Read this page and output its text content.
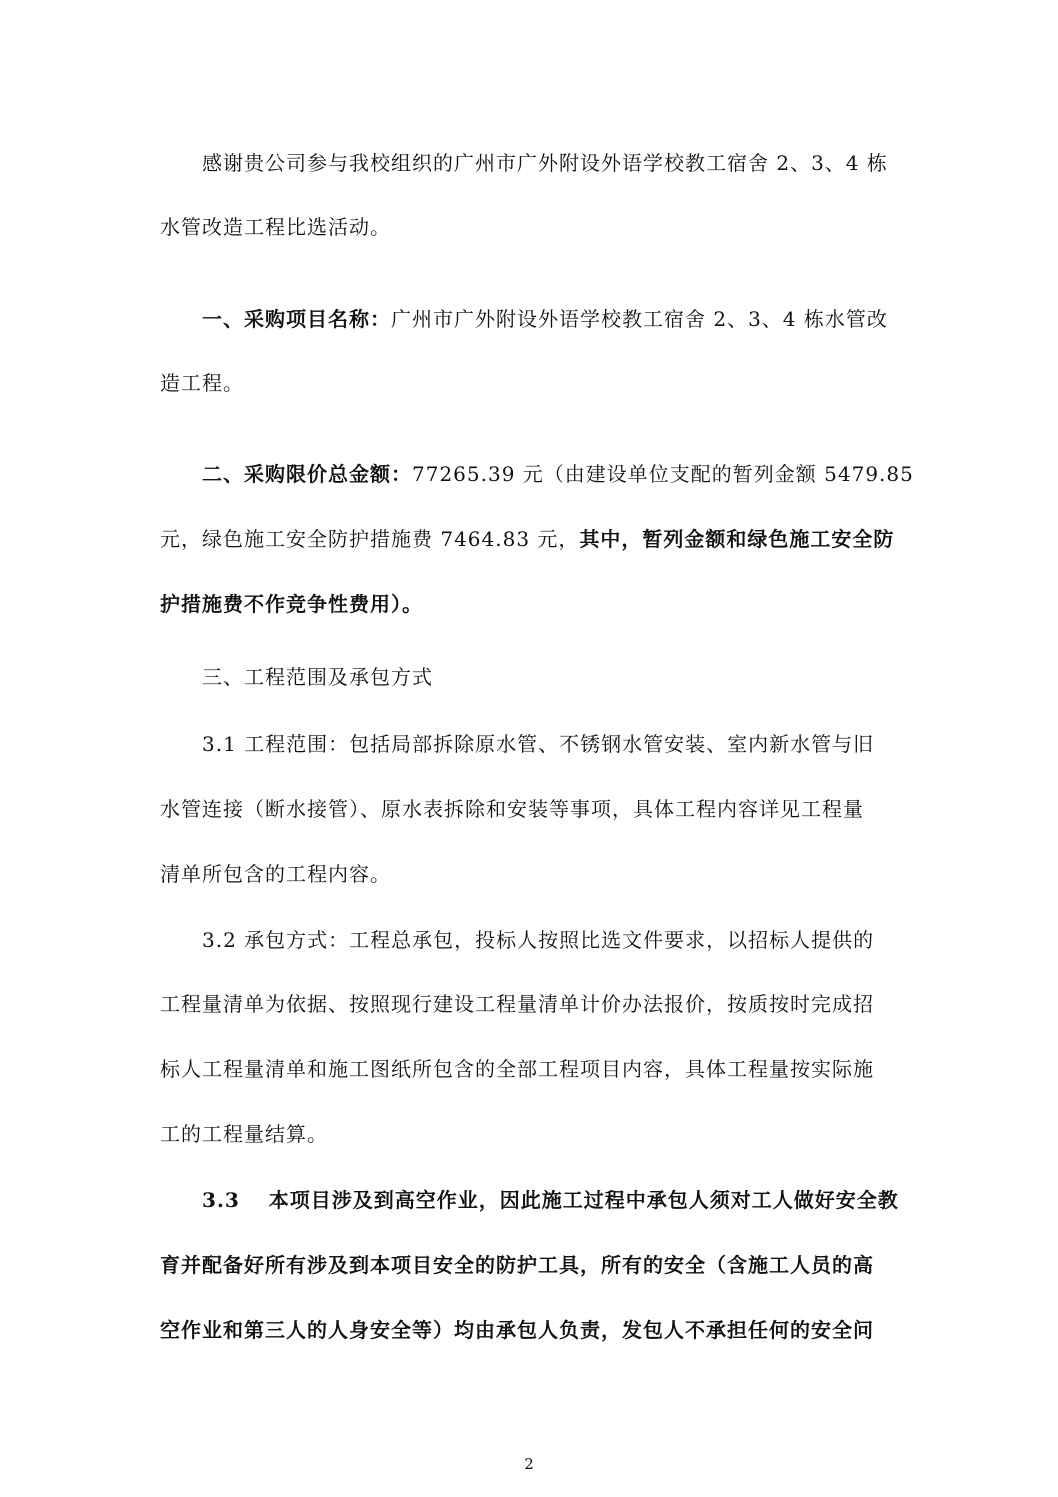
感谢贵公司参与我校组织的广州市广外附设外语学校教工宿舍 2、3、4 栋
水管改造工程比选活动。
一、采购项目名称：广州市广外附设外语学校教工宿舍 2、3、4 栋水管改
造工程。
二、采购限价总金额：77265.39 元（由建设单位支配的暂列金额 5479.85
元，绿色施工安全防护措施费 7464.83 元，其中，暂列金额和绿色施工安全防
护措施费不作竞争性费用）。
三、工程范围及承包方式
3.1 工程范围：包括局部拆除原水管、不锈钢水管安装、室内新水管与旧
水管连接（断水接管）、原水表拆除和安装等事项，具体工程内容详见工程量
清单所包含的工程内容。
3.2 承包方式：工程总承包，投标人按照比选文件要求，以招标人提供的
工程量清单为依据、按照现行建设工程量清单计价办法报价，按质按时完成招
标人工程量清单和施工图纸所包含的全部工程项目内容，具体工程量按实际施
工的工程量结算。
3.3　 本项目涉及到高空作业，因此施工过程中承包人须对工人做好安全教
育并配备好所有涉及到本项目安全的防护工具，所有的安全（含施工人员的高
空作业和第三人的人身安全等）均由承包人负责，发包人不承担任何的安全问
2
